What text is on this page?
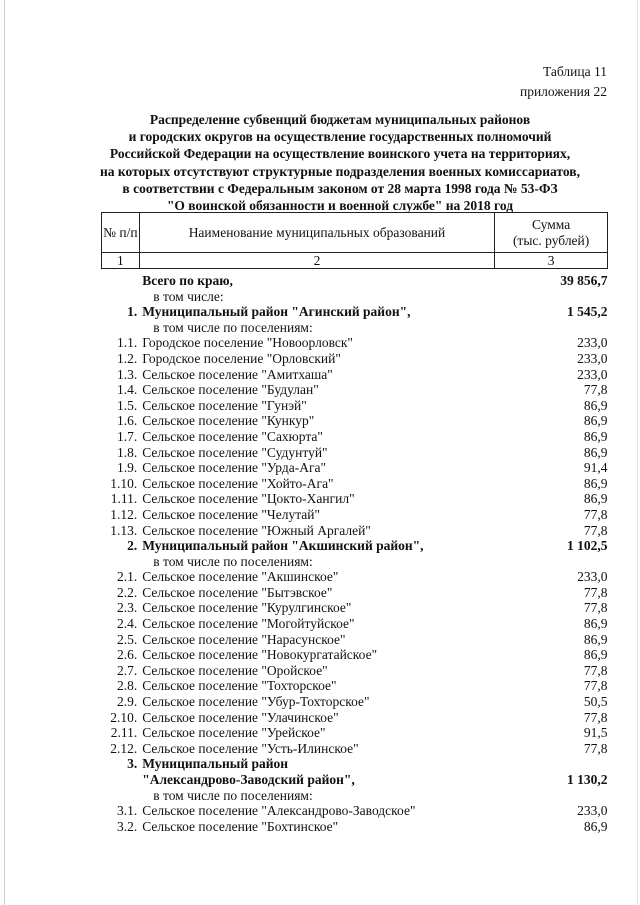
Таблица 11
приложения 22
Распределение субвенций бюджетам муниципальных районов
и городских округов на осуществление государственных полномочий
Российской Федерации на осуществление воинского учета на территориях,
на которых отсутствуют структурные подразделения военных комиссариатов,
в соответствии с Федеральным законом от 28 марта 1998 года № 53-ФЗ
"О воинской обязанности и военной службе" на 2018 год
№ п/п	Наименование муниципальных образований	Сумма
(тыс. рублей)

1	2	3

	Всего по краю,	39 856,7
	в том числе:	
1.	Муниципальный район "Агинский район",	1 545,2
	в том числе по поселениям:	
1.1.	Городское поселение "Новоорловск"	233,0
1.2.	Городское поселение "Орловский"	233,0
1.3.	Сельское поселение "Амитхаша"	233,0
1.4.	Сельское поселение "Будулан"	77,8
1.5.	Сельское поселение "Гунэй"	86,9
1.6.	Сельское поселение "Кункур"	86,9
1.7.	Сельское поселение "Сахюрта"	86,9
1.8.	Сельское поселение "Судунтуй"	86,9
1.9.	Сельское поселение "Урда-Ага"	91,4
1.10.	Сельское поселение "Хойто-Ага"	86,9
1.11.	Сельское поселение "Цокто-Хангил"	86,9
1.12.	Сельское поселение "Челутай"	77,8
1.13.	Сельское поселение "Южный Аргалей"	77,8
2.	Муниципальный район "Акшинский район",	1 102,5
	в том числе по поселениям:	
2.1.	Сельское поселение "Акшинское"	233,0
2.2.	Сельское поселение "Бытэвское"	77,8
2.3.	Сельское поселение "Курулгинское"	77,8
2.4.	Сельское поселение "Могойтуйское"	86,9
2.5.	Сельское поселение "Нарасунское"	86,9
2.6.	Сельское поселение "Новокургатайское"	86,9
2.7.	Сельское поселение "Оройское"	77,8
2.8.	Сельское поселение "Тохторское"	77,8
2.9.	Сельское поселение "Убур-Тохторское"	50,5
2.10.	Сельское поселение "Улачинское"	77,8
2.11.	Сельское поселение "Урейское"	91,5
2.12.	Сельское поселение "Усть-Илинское"	77,8
3.	Муниципальный район	
	"Александрово-Заводский район",	1 130,2
	в том числе по поселениям:	
3.1.	Сельское поселение "Александрово-Заводское"	233,0
3.2.	Сельское поселение "Бохтинское"	86,9
